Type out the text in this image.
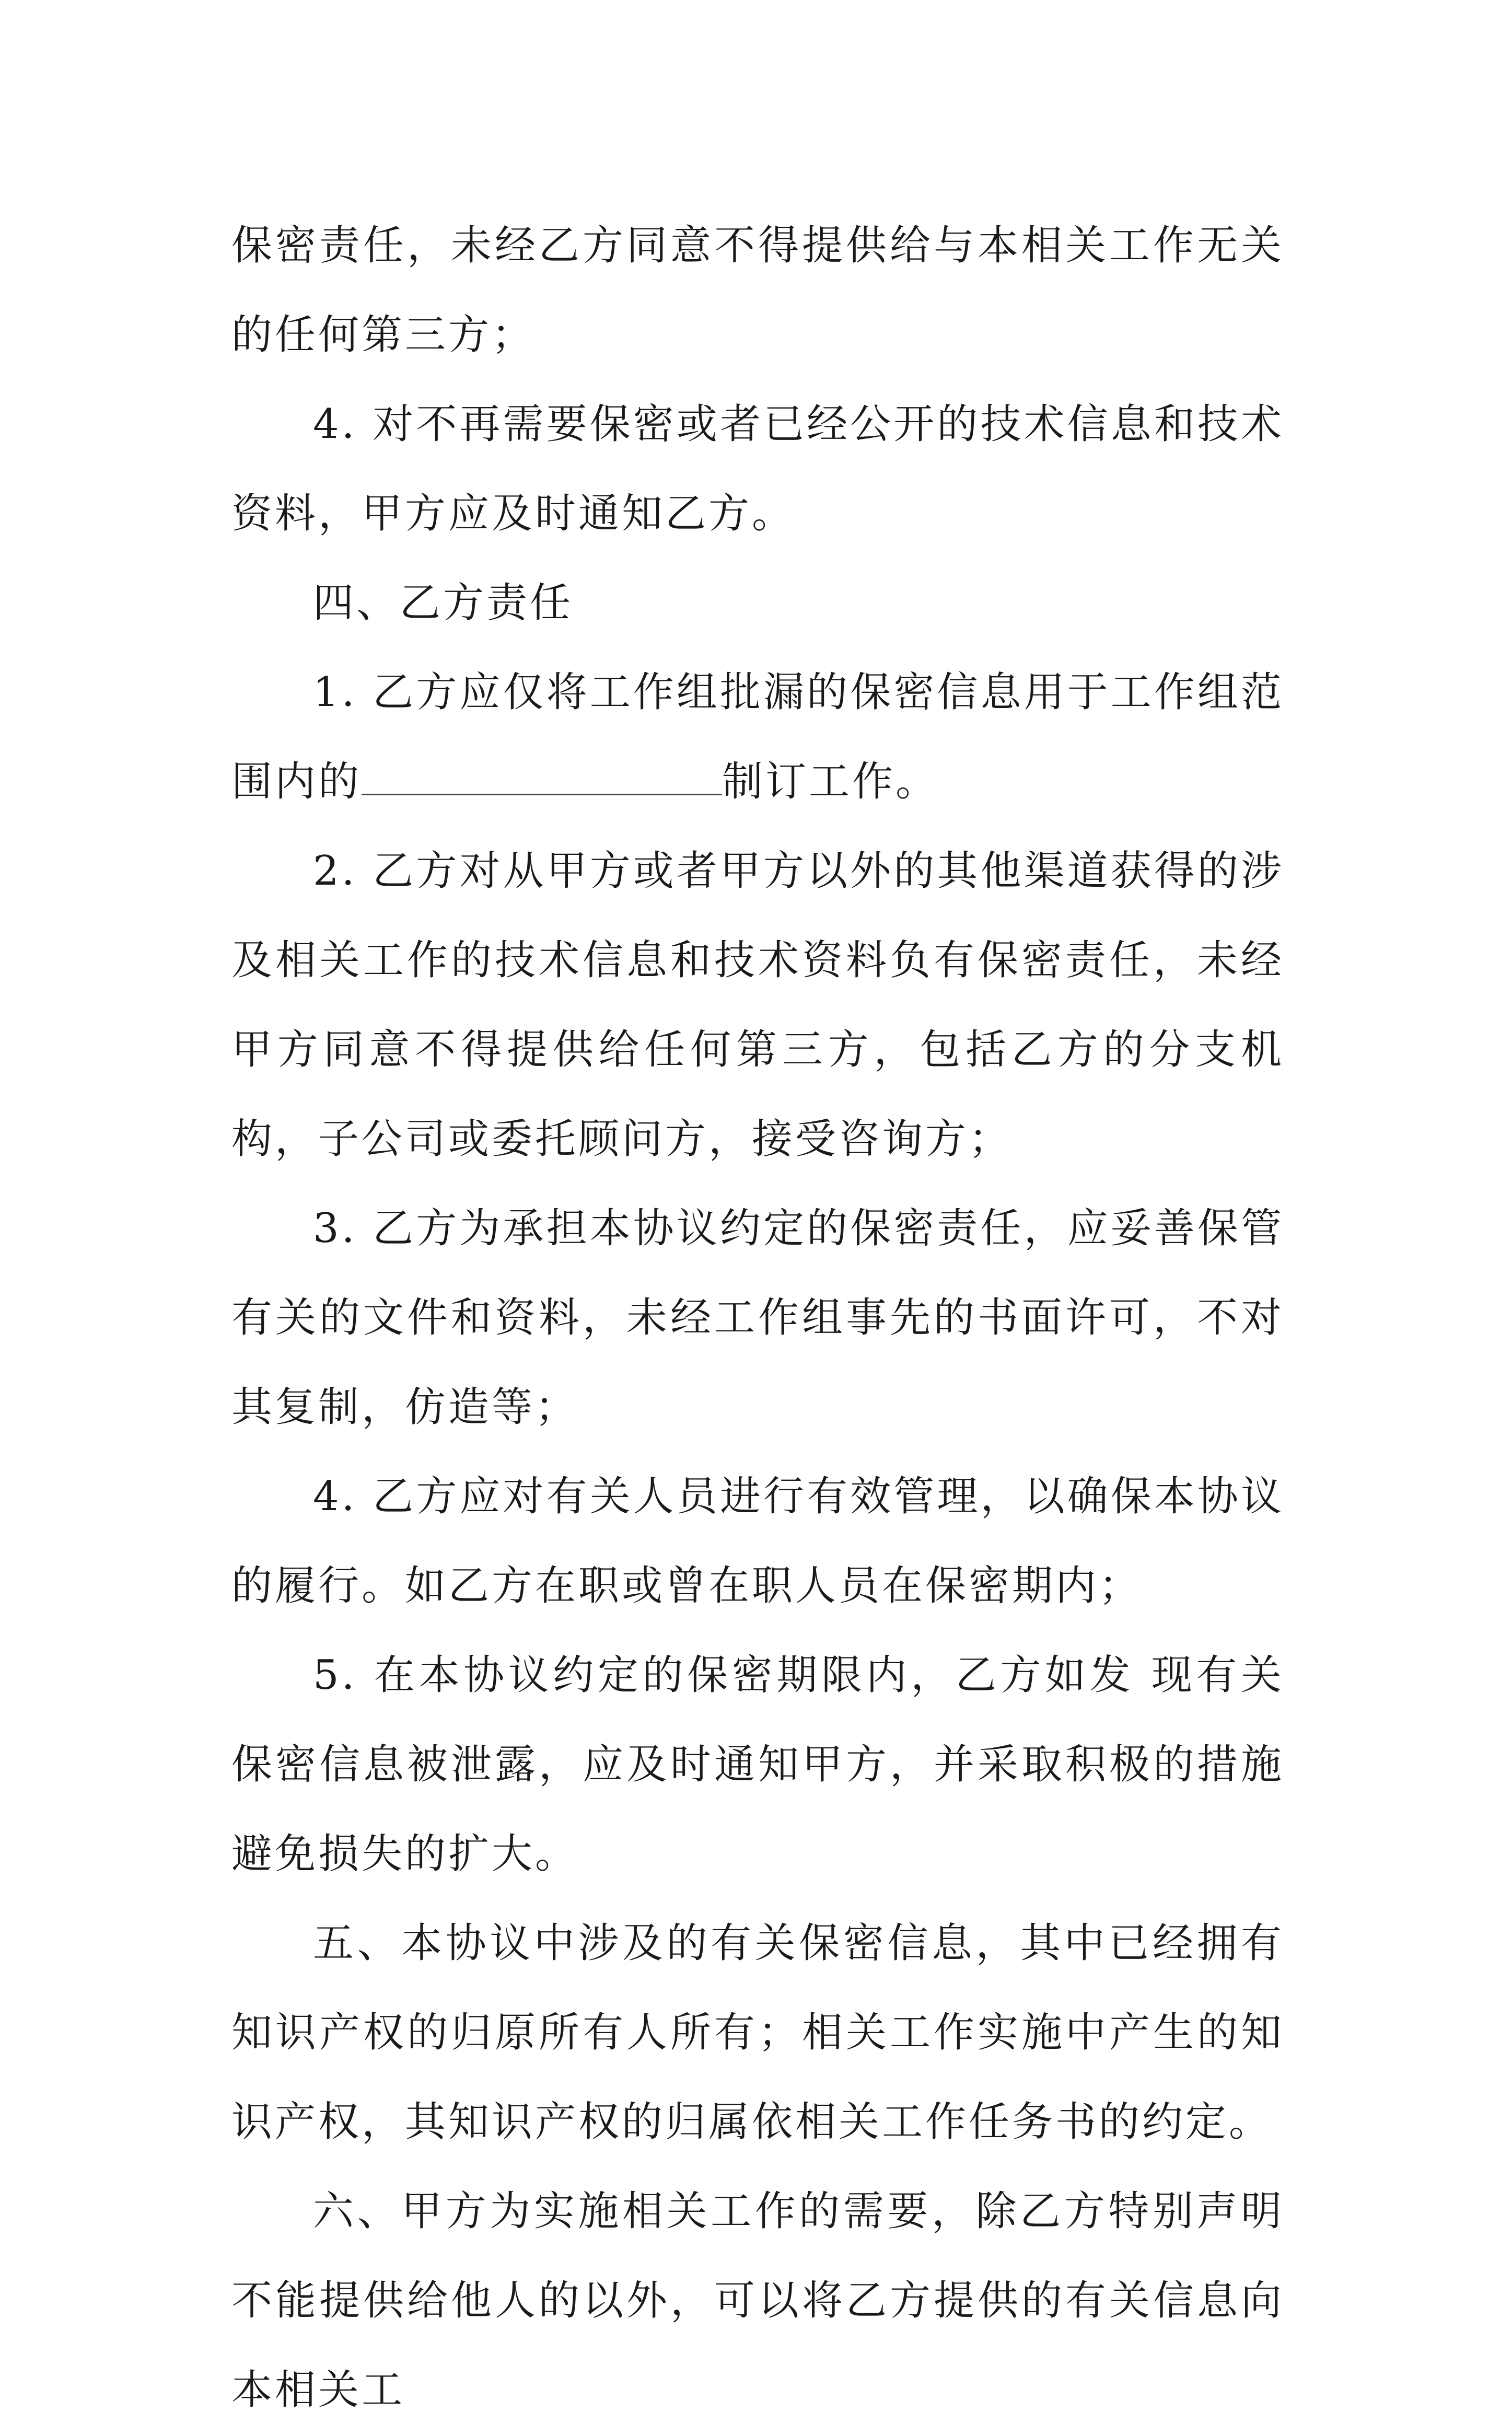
保密责任，未经乙方同意不得提供给与本相关工作无关的任何第三方；

4. 对不再需要保密或者已经公开的技术信息和技术资料，甲方应及时通知乙方。

四、乙方责任

1. 乙方应仅将工作组批漏的保密信息用于工作组范围内的	制订工作。

2. 乙方对从甲方或者甲方以外的其他渠道获得的涉及相关工作的技术信息和技术资料负有保密责任，未经甲方同意不得提供给任何第三方，包括乙方的分支机构，子公司或委托顾问方，接受咨询方；

3. 乙方为承担本协议约定的保密责任，应妥善保管有关的文件和资料，未经工作组事先的书面许可，不对其复制，仿造等；

4. 乙方应对有关人员进行有效管理，以确保本协议的履行。如乙方在职或曾在职人员在保密期内；

5. 在本协议约定的保密期限内，乙方如发 现有关保密信息被泄露，应及时通知甲方，并采取积极的措施避免损失的扩大。

五、本协议中涉及的有关保密信息，其中已经拥有知识产权的归原所有人所有；相关工作实施中产生的知识产权，其知识产权的归属依相关工作任务书的约定。

六、甲方为实施相关工作的需要，除乙方特别声明不能提供给他人的以外，可以将乙方提供的有关信息向本相关工
